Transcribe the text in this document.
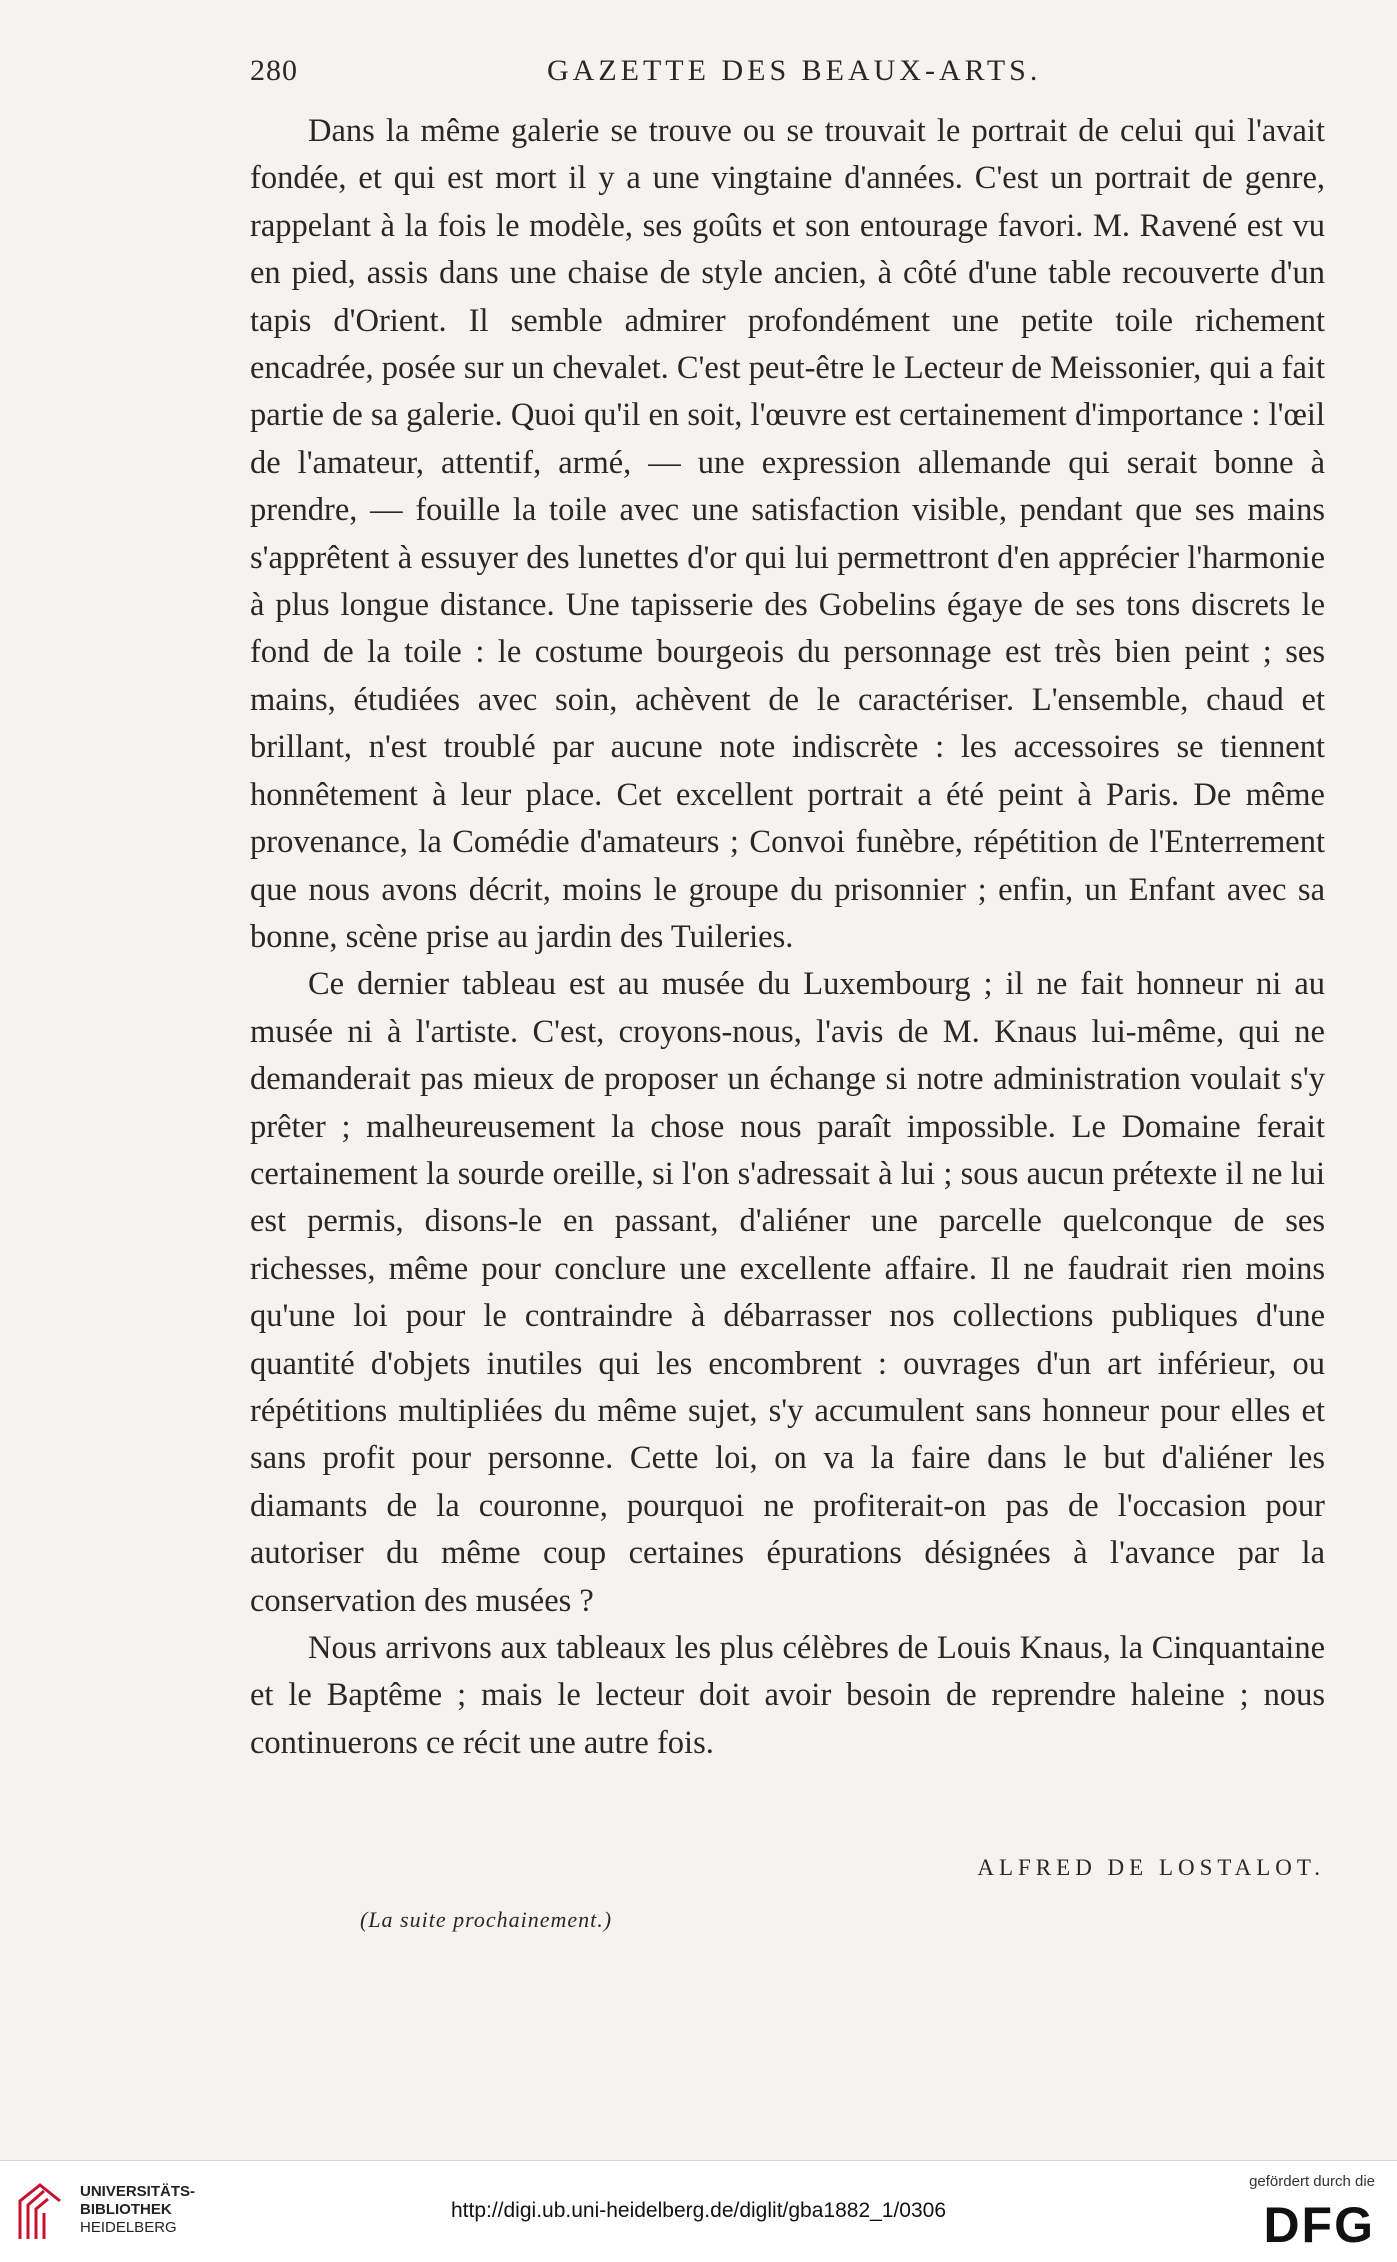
280	GAZETTE DES BEAUX-ARTS.

Dans la même galerie se trouve ou se trouvait le portrait de celui qui l'avait fondée, et qui est mort il y a une vingtaine d'années. C'est un portrait de genre, rappelant à la fois le modèle, ses goûts et son entourage favori. M. Ravené est vu en pied, assis dans une chaise de style ancien, à côté d'une table recouverte d'un tapis d'Orient. Il semble admirer profondément une petite toile richement encadrée, posée sur un chevalet. C'est peut-être le Lecteur de Meissonier, qui a fait partie de sa galerie. Quoi qu'il en soit, l'œuvre est certainement d'importance : l'œil de l'amateur, attentif, armé, — une expression allemande qui serait bonne à prendre, — fouille la toile avec une satisfaction visible, pendant que ses mains s'apprêtent à essuyer des lunettes d'or qui lui permettront d'en apprécier l'harmonie à plus longue distance. Une tapisserie des Gobelins égaye de ses tons discrets le fond de la toile : le costume bourgeois du personnage est très bien peint ; ses mains, étudiées avec soin, achèvent de le caractériser. L'ensemble, chaud et brillant, n'est troublé par aucune note indiscrète : les accessoires se tiennent honnêtement à leur place. Cet excellent portrait a été peint à Paris. De même provenance, la Comédie d'amateurs ; Convoi funèbre, répétition de l'Enterrement que nous avons décrit, moins le groupe du prisonnier ; enfin, un Enfant avec sa bonne, scène prise au jardin des Tuileries.

Ce dernier tableau est au musée du Luxembourg ; il ne fait honneur ni au musée ni à l'artiste. C'est, croyons-nous, l'avis de M. Knaus lui-même, qui ne demanderait pas mieux de proposer un échange si notre administration voulait s'y prêter ; malheureusement la chose nous paraît impossible. Le Domaine ferait certainement la sourde oreille, si l'on s'adressait à lui ; sous aucun prétexte il ne lui est permis, disons-le en passant, d'aliéner une parcelle quelconque de ses richesses, même pour conclure une excellente affaire. Il ne faudrait rien moins qu'une loi pour le contraindre à débarrasser nos collections publiques d'une quantité d'objets inutiles qui les encombrent : ouvrages d'un art inférieur, ou répétitions multipliées du même sujet, s'y accumulent sans honneur pour elles et sans profit pour personne. Cette loi, on va la faire dans le but d'aliéner les diamants de la couronne, pourquoi ne profiterait-on pas de l'occasion pour autoriser du même coup certaines épurations désignées à l'avance par la conservation des musées ?

Nous arrivons aux tableaux les plus célèbres de Louis Knaus, la Cinquantaine et le Baptême ; mais le lecteur doit avoir besoin de reprendre haleine ; nous continuerons ce récit une autre fois.

ALFRED DE LOSTALOT.
(La suite prochainement.)
UNIVERSITÄTS-
BIBLIOTHEK
HEIDELBERG
http://digi.ub.uni-heidelberg.de/diglit/gba1882_1/0306
gefördert durch die
DFG
